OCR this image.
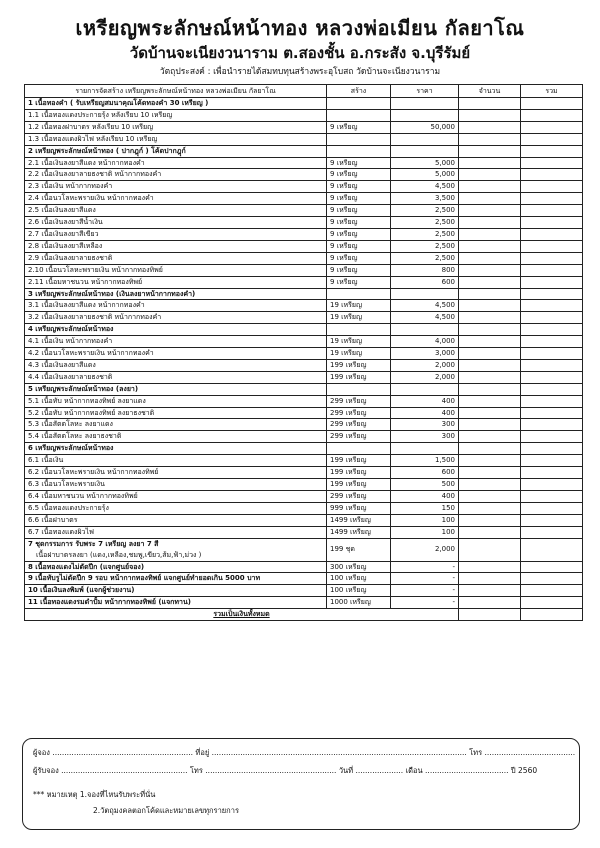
เหรียญพระลักษณ์หน้าทอง หลวงพ่อเมียน กัลยาโณ
วัดบ้านจะเนียงวนาราม ต.สองชั้น อ.กระสัง จ.บุรีรัมย์
วัตถุประสงค์ : เพื่อนำรายได้สมทบทุนสร้างพระอุโบสถ วัดบ้านจะเนียงวนาราม
รายการจัดสร้าง เหรียญพระลักษณ์หน้าทอง หลวงพ่อเมียน กัลยาโณ	สร้าง	ราคา	จำนวน	รวม

1 เนื้อทองคำ ( รับเหรียญสมนาคุณโค้ดทองคำ 30 เหรียญ )				

1.1 เนื้อทองแดงประกายรุ้ง หลังเรียบ 10 เหรียญ				

1.2 เนื้อทองฝาบาตร หลังเรียบ 10 เหรียญ	9 เหรียญ	50,000		

1.3 เนื้อทองแดงผิวไฟ หลังเรียบ 10 เหรียญ				

2 เหรียญพระลักษณ์หน้าทอง ( ปากฎุก์ ) โค้ดปากฎุก์				

2.1 เนื้อเงินลงยาสีแดง หน้ากากทองคำ	9 เหรียญ	5,000		

2.2 เนื้อเงินลงยาลายธงชาติ หน้ากากทองคำ	9 เหรียญ	5,000		

2.3 เนื้อเงิน หน้ากากทองคำ	9 เหรียญ	4,500		

2.4 เนื้อนวโลหะพรายเงิน หน้ากากทองคำ	9 เหรียญ	3,500		

2.5 เนื้อเงินลงยาสีแดง	9 เหรียญ	2,500		

2.6 เนื้อเงินลงยาสีน้ำเงิน	9 เหรียญ	2,500		

2.7 เนื้อเงินลงยาสีเขียว	9 เหรียญ	2,500		

2.8 เนื้อเงินลงยาสีเหลือง	9 เหรียญ	2,500		

2.9 เนื้อเงินลงยาลายธงชาติ	9 เหรียญ	2,500		

2.10 เนื้อนวโลหะพรายเงิน หน้ากากทองทิพย์	9 เหรียญ	800		

2.11 เนื้อมหาชนวน หน้ากากทองทิพย์	9 เหรียญ	600		

3 เหรียญพระลักษณ์หน้าทอง (เงินลงยาหน้ากากทองคำ)				

3.1 เนื้อเงินลงยาสีแดง หน้ากากทองคำ	19 เหรียญ	4,500		

3.2 เนื้อเงินลงยาลายธงชาติ หน้ากากทองคำ	19 เหรียญ	4,500		

4 เหรียญพระลักษณ์หน้าทอง				

4.1 เนื้อเงิน หน้ากากทองคำ	19 เหรียญ	4,000		

4.2 เนื้อนวโลหะพรายเงิน หน้ากากทองคำ	19 เหรียญ	3,000		

4.3 เนื้อเงินลงยาสีแดง	199 เหรียญ	2,000		

4.4 เนื้อเงินลงยาลายธงชาติ	199 เหรียญ	2,000		

5 เหรียญพระลักษณ์หน้าทอง (ลงยา)				

5.1 เนื้อทับ หน้ากากทองทิพย์ ลงยาแดง	299 เหรียญ	400		

5.2 เนื้อทับ หน้ากากทองทิพย์ ลงยาธงชาติ	299 เหรียญ	400		

5.3 เนื้อสัตตโลหะ ลงยาแดง	299 เหรียญ	300		

5.4 เนื้อสัตตโลหะ ลงยาธงชาติ	299 เหรียญ	300		

6 เหรียญพระลักษณ์หน้าทอง				

6.1 เนื้อเงิน	199 เหรียญ	1,500		

6.2 เนื้อนวโลหะพรายเงิน หน้ากากทองทิพย์	199 เหรียญ	600		

6.3 เนื้อนวโลหะพรายเงิน	199 เหรียญ	500		

6.4 เนื้อมหาชนวน หน้ากากทองทิพย์	299 เหรียญ	400		

6.5 เนื้อทองแดงประกายรุ้ง	999 เหรียญ	150		

6.6 เนื้อฝาบาตร	1499 เหรียญ	100		

6.7 เนื้อทองแดงผิวไฟ	1499 เหรียญ	100		

7 ชุดกรรมการ รับพระ 7 เหรียญ ลงยา 7 สี
เนื้อฝาบาตรลงยา (แดง,เหลือง,ชมพู,เขียว,ส้ม,ฟ้า,ม่วง )	199 ชุด	2,000		

8 เนื้อทองแดงไม่ตัดปีก (แจกศูนย์จอง)	300 เหรียญ	-		

9 เนื้อทับรูไม่ตัดปีก 9 รอบ หน้ากากทองทิพย์ แจกศูนย์ทำยอดเกิน 5000 บาท	100 เหรียญ	-		

10 เนื้อเงินลงพิมพ์ (แจกผู้ช่วยงาน)	100 เหรียญ	-		

11 เนื้อทองแดงรมดำปั้ม หน้ากากทองทิพย์ (แจกทาน)	1000 เหรียญ	-		
รวมเป็นเงินทั้งหมด				
ผู้จอง ........................................................... ที่อยู่ ........................................................................................................... โทร ......................................
ผู้รับจอง ..................................................... โทร ....................................................... วันที่ .................... เดือน ................................... ปี 2560
*** หมายเหตุ 1.จองที่ไหนรับพระที่นั่น
2.วัตถุมงคลตอกโค้ดและหมายเลขทุกรายการ
